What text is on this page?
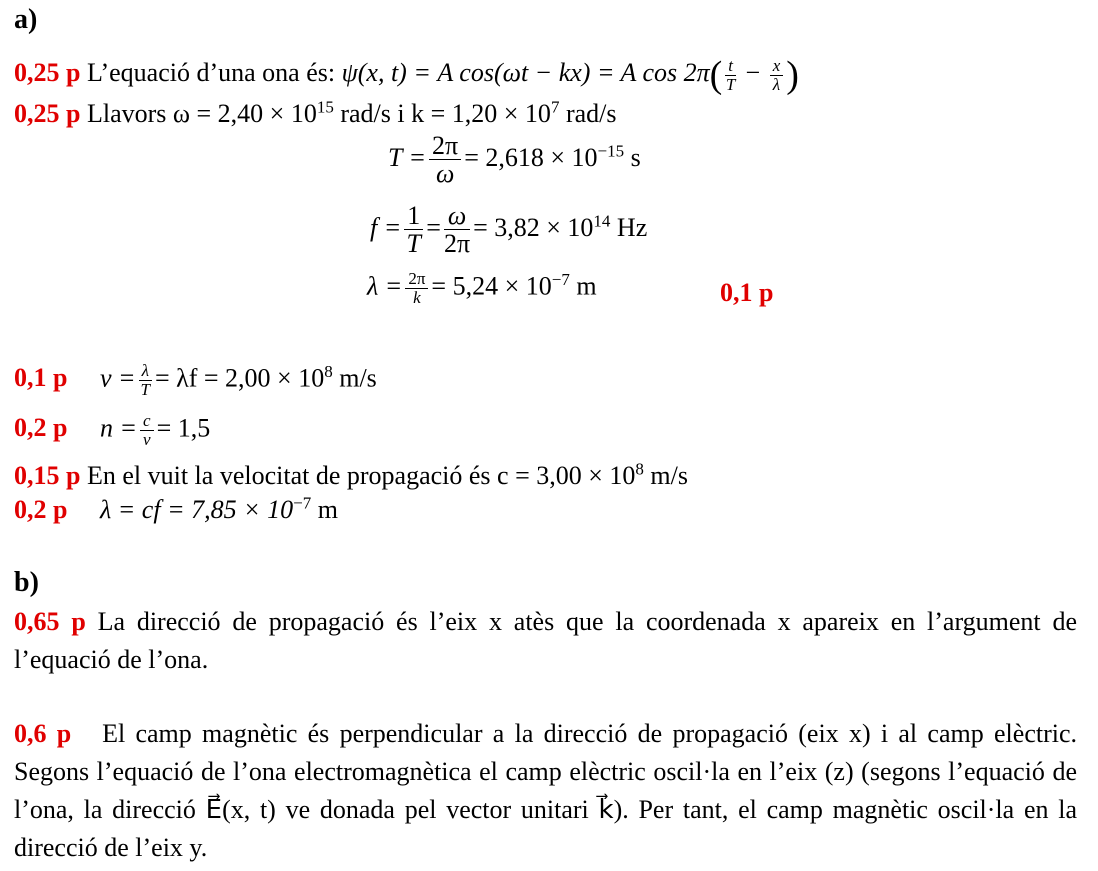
a)
0,25 p L’equació d’una ona és: ψ(x, t) = A cos(ωt − kx) = A $\cos 2\pi( \frac{t}{T} - \frac{x}{\lambda}$ )
0,25 p Llavors $\omega = 2,40 \times 10^{15}$ rad/s i $k = 1,20 \times 10^7$ rad/s
$T = \frac{2\pi}{\omega} = 2,618 \times 10^{-15}$ s
$f = \frac{1}{T} = \frac{\omega}{2\pi} = 3,82 \times 10^{14}$ Hz
$\lambda = \frac{2\pi}{k} = 5,24 \times 10^{-7}$ m	0,1 p
0,1 p $v = \frac{\lambda}{T} = \lambda f = 2,00 \times 10^8$ m/s
0,2 p $n = \frac{c}{v} = 1,5$
0,15 p En el vuit la velocitat de propagació és $c = 3,00 \times 10^8$ m/s
0,2 p λ = cf = $7,85 \times 10^{-7}$ m
b)
0,65 p La direcció de propagació és l’eix x atès que la coordenada x apareix en l’argument de l’equació de l’ona.
0,6 p El camp magnètic és perpendicular a la direcció de propagació (eix x) i al camp elèctric. Segons l’equació de l’ona electromagnètica el camp elèctric oscil·la en l’eix (z) (segons l’equació de l’ona, la direcció E⃗(x, t) ve donada pel vector unitari k⃗). Per tant, el camp magnètic oscil·la en la direcció de l’eix y.
